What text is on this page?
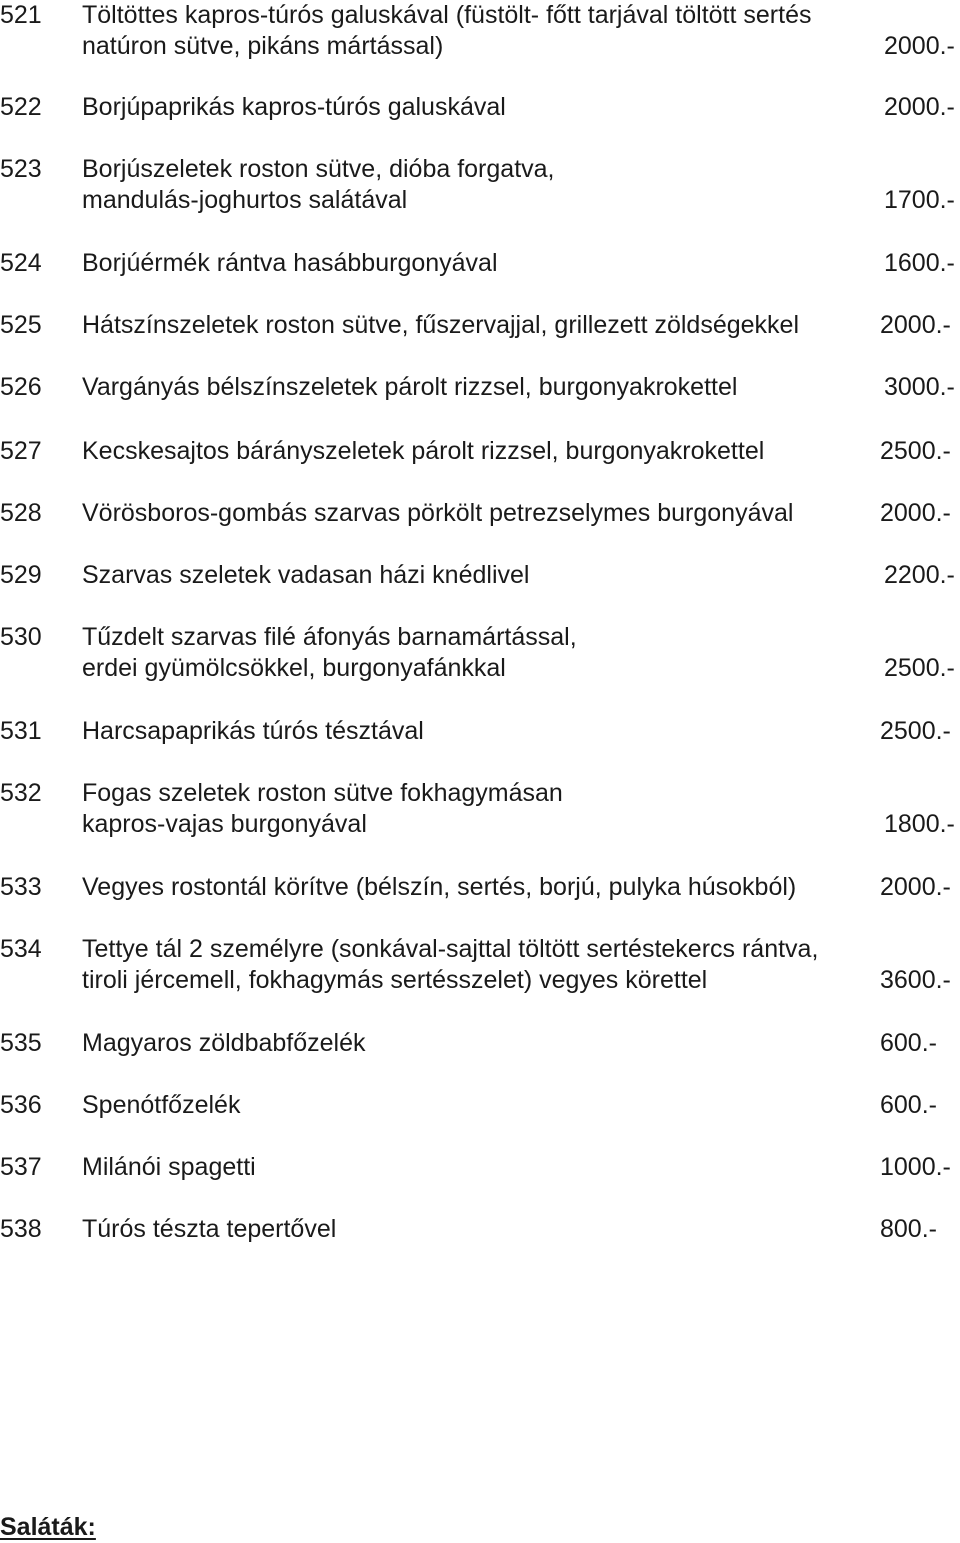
521	Töltöttes kapros-túrós galuskával (füstölt- főtt tarjával töltött sertés
natúron sütve, pikáns mártással)	2000.-
522	Borjúpaprikás kapros-túrós galuskával	2000.-
523	Borjúszeletek roston sütve, dióba forgatva,
mandulás-joghurtos salátával	1700.-
524	Borjúérmék rántva hasábburgonyával	1600.-
525	Hátszínszeletek roston sütve, fűszervajjal, grillezett zöldségekkel	2000.-
526	Vargányás bélszínszeletek párolt rizzsel, burgonyakrokettel	3000.-
527	Kecskesajtos bárányszeletek párolt rizzsel, burgonyakrokettel	2500.-
528	Vörösboros-gombás szarvas pörkölt petrezselymes burgonyával	2000.-
529	Szarvas szeletek vadasan házi knédlivel	2200.-
530	Tűzdelt szarvas filé áfonyás barnamártással,
erdei gyümölcsökkel, burgonyafánkkal	2500.-
531	Harcsapaprikás túrós tésztával	2500.-
532	Fogas szeletek roston sütve fokhagymásan
kapros-vajas burgonyával	1800.-
533	Vegyes rostontál körítve (bélszín, sertés, borjú, pulyka húsokból)	2000.-
534	Tettye tál 2 személyre (sonkával-sajttal töltött sertéstekercs rántva,
tiroli jércemell, fokhagymás sertésszelet) vegyes körettel	3600.-
535	Magyaros zöldbabfőzelék	600.-
536	Spenótfőzelék	600.-
537	Milánói spagetti	1000.-
538	Túrós tészta tepertővel	800.-
Saláták:
